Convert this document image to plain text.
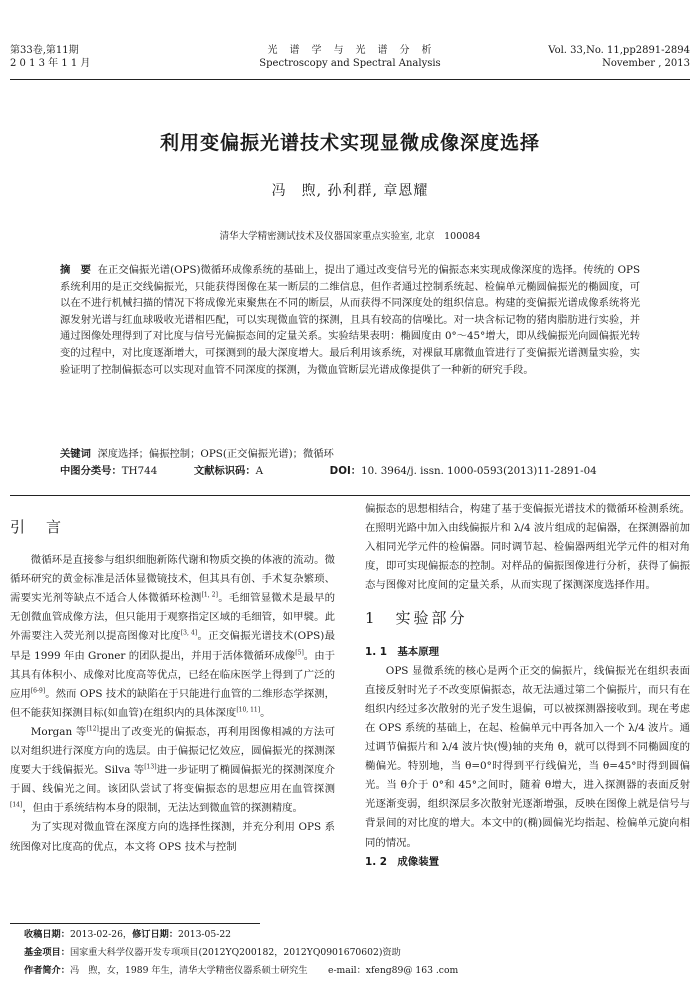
第33卷,第11期
2 0 1 3 年 1 1 月
光　谱　学　与　光　谱　分　析
Spectroscopy and Spectral Analysis
Vol. 33,No. 11,pp2891-2894
November , 2013
利用变偏振光谱技术实现显微成像深度选择
冯　煦, 孙利群, 章恩耀
清华大学精密测试技术及仪器国家重点实验室, 北京　100084
摘　要 在正交偏振光谱(OPS)微循环成像系统的基础上，提出了通过改变信号光的偏振态来实现成像深度的选择。传统的 OPS 系统利用的是正交线偏振光，只能获得图像在某一断层的二维信息，但作者通过控制系统起、检偏单元椭圆偏振光的椭圆度，可以在不进行机械扫描的情况下将成像光束聚焦在不同的断层，从而获得不同深度处的组织信息。构建的变偏振光谱成像系统将光源发射光谱与红血球吸收光谱相匹配，可以实现微血管的探测，且具有较高的信噪比。对一块含标记物的猪肉脂肪进行实验，并通过图像处理得到了对比度与信号光偏振态间的定量关系。实验结果表明：椭圆度由 0°～45°增大，即从线偏振光向圆偏振光转变的过程中，对比度逐渐增大，可探测到的最大深度增大。最后利用该系统，对裸鼠耳廓微血管进行了变偏振光谱测量实验，实验证明了控制偏振态可以实现对血管不同深度的探测，为微血管断层光谱成像提供了一种新的研究手段。
关键词 深度选择；偏振控制；OPS(正交偏振光谱)；微循环
中图分类号：TH744	文献标识码：A	DOI：10. 3964/j. issn. 1000-0593(2013)11-2891-04
引　言

微循环是直接参与组织细胞新陈代谢和物质交换的体液的流动。微循环研究的黄金标准是活体显微镜技术，但其具有创、手术复杂繁琐、需要实光剂等缺点不适合人体微循环检测[1, 2]。毛细管显微术是最早的无创微血管成像方法，但只能用于观察指定区域的毛细管，如甲襞。此外需要注入荧光剂以提高图像对比度[3, 4]。正交偏振光谱技术(OPS)最早是 1999 年由 Groner 的团队提出，并用于活体微循环成像[5]。由于其具有体积小、成像对比度高等优点，已经在临床医学上得到了广泛的应用[6-9]。然而 OPS 技术的缺陷在于只能进行血管的二维形态学探测，但不能获知探测目标(如血管)在组织内的具体深度[10, 11]。

Morgan 等[12]提出了改变光的偏振态，再利用图像相减的方法可以对组织进行深度方向的选层。由于偏振记忆效应，圆偏振光的探测深度要大于线偏振光。Silva 等[13]进一步证明了椭圆偏振光的探测深度介于圆、线偏光之间。该团队尝试了将变偏振态的思想应用在血管探测[14]，但由于系统结构本身的限制，无法达到微血管的探测精度。

为了实现对微血管在深度方向的选择性探测，并充分利用 OPS 系统图像对比度高的优点，本文将 OPS 技术与控制

偏振态的思想相结合，构建了基于变偏振光谱技术的微循环检测系统。在照明光路中加入由线偏振片和 λ/4 波片组成的起偏器，在探测器前加入相同光学元件的检偏器。同时调节起、检偏器两组光学元件的相对角度，即可实现偏振态的控制。对样品的偏振图像进行分析，获得了偏振态与图像对比度间的定量关系，从而实现了探测深度选择作用。

1　实验部分
1. 1　基本原理

OPS 显微系统的核心是两个正交的偏振片，线偏振光在组织表面直接反射时光子不改变原偏振态，故无法通过第二个偏振片，而只有在组织内经过多次散射的光子发生退偏，可以被探测器接收到。现在考虑在 OPS 系统的基础上，在起、检偏单元中再各加入一个 λ/4 波片。通过调节偏振片和 λ/4 波片快(慢)轴的夹角 θ，就可以得到不同椭圆度的椭偏光。特别地，当 θ=0°时得到平行线偏光，当 θ=45°时得到圆偏光。当 θ介于 0°和 45°之间时，随着 θ增大，进入探测器的表面反射光逐渐变弱，组织深层多次散射光逐渐增强，反映在图像上就是信号与背景间的对比度的增大。本文中的(椭)圆偏光均指起、检偏单元旋向相同的情况。

1. 2　成像装置
收稿日期：2013-02-26，修订日期：2013-05-22
基金项目：国家重大科学仪器开发专项项目(2012YQ200182，2012YQ0901670602)资助
作者简介：冯　煦，女，1989 年生，清华大学精密仪器系硕士研究生 e-mail：xfeng89@ 163 .com
